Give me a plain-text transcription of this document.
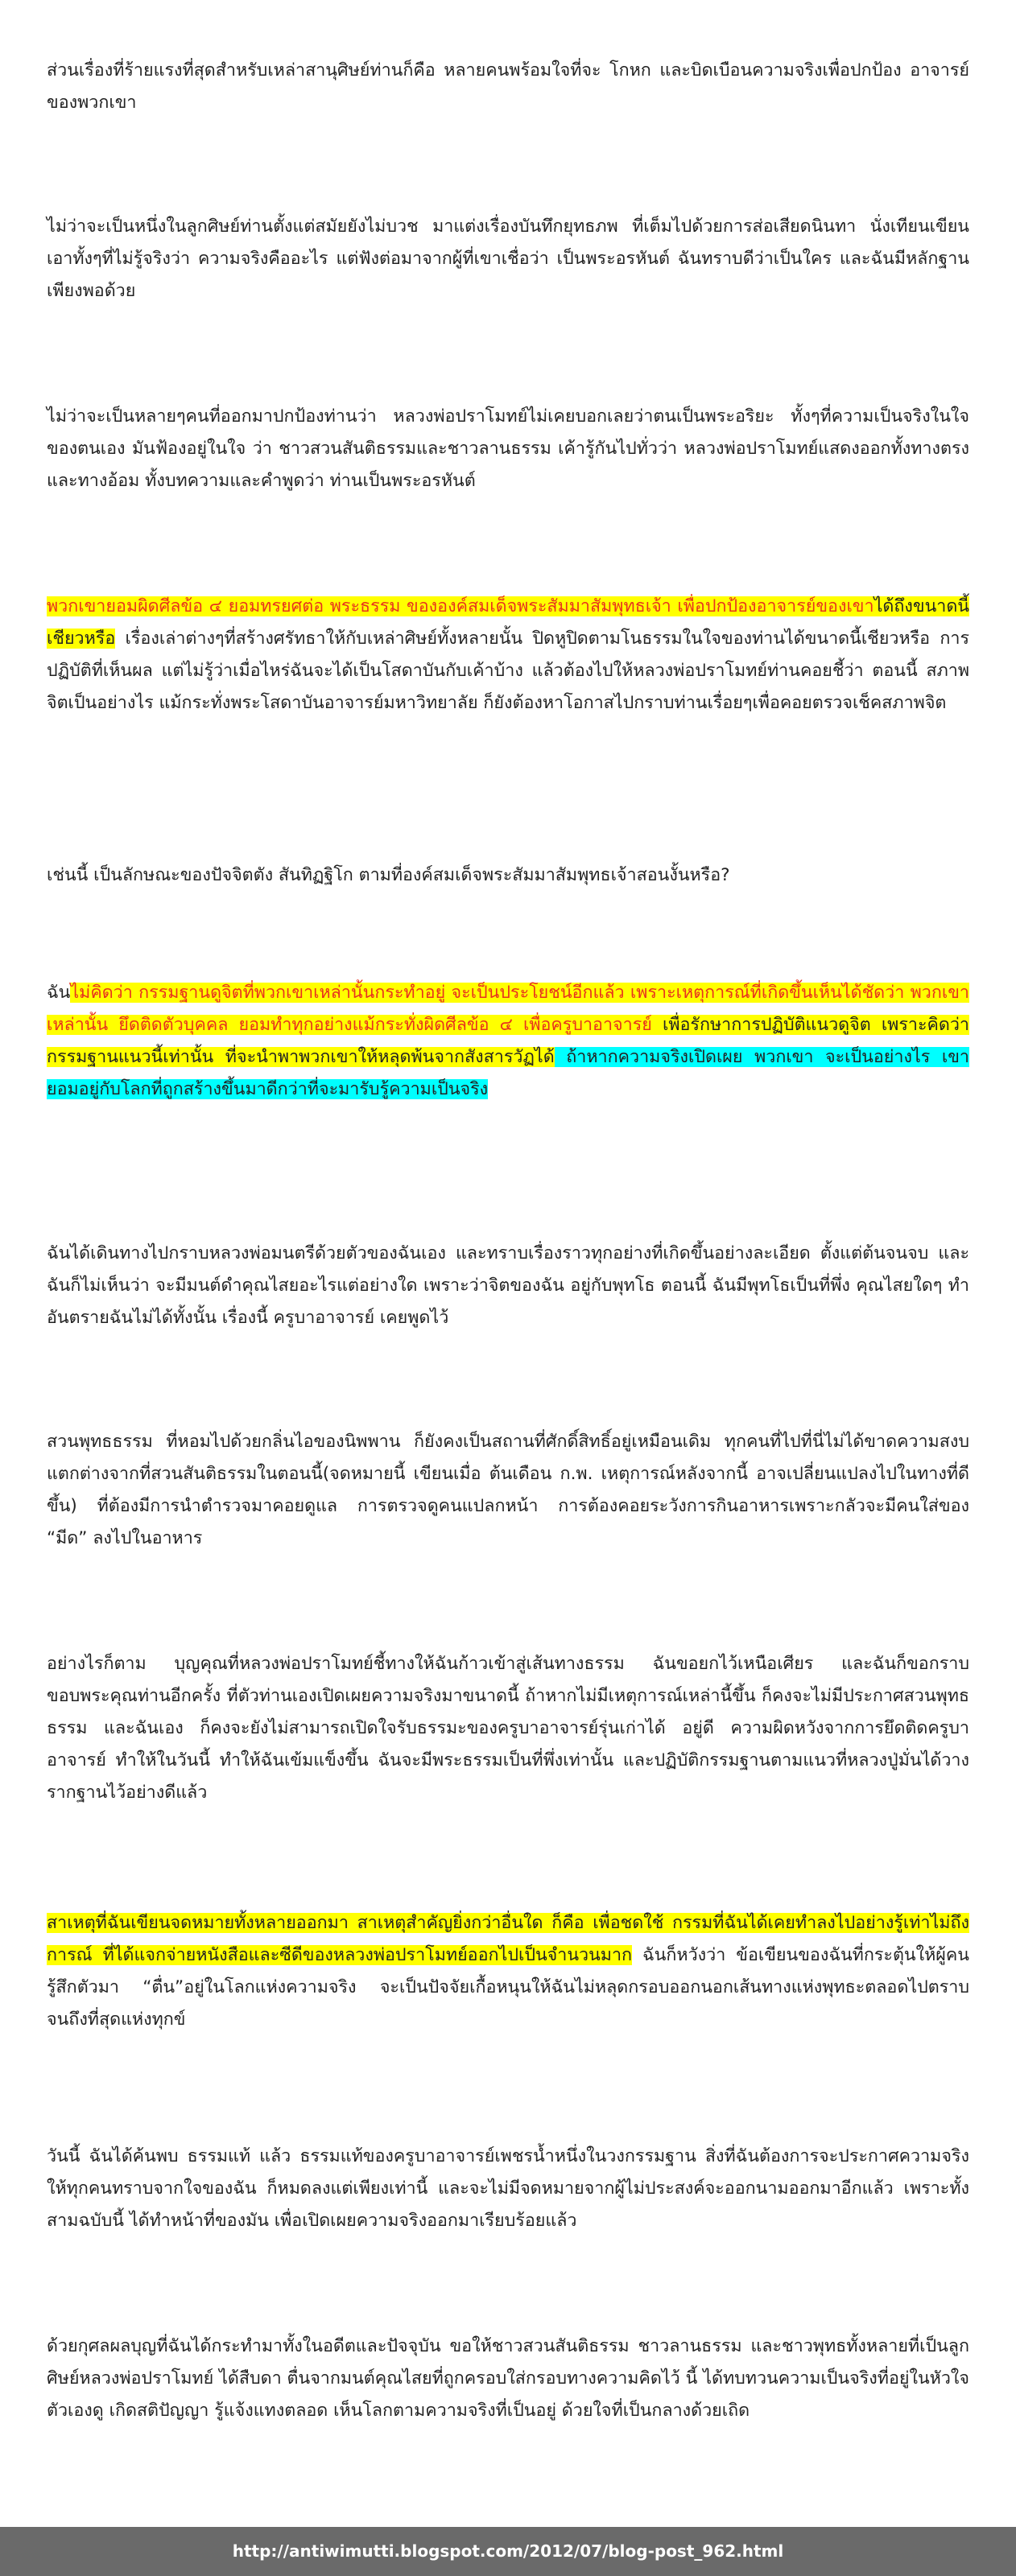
ส่วนเรื่องที่ร้ายแรงที่สุดสำหรับเหล่าสานุศิษย์ท่านก็คือ หลายคนพร้อมใจที่จะ โกหก และบิดเบือนความจริงเพื่อปกป้อง อาจารย์ของพวกเขา

ไม่ว่าจะเป็นหนึ่งในลูกศิษย์ท่านตั้งแต่สมัยยังไม่บวช มาแต่งเรื่องบันทึกยุทธภพ ที่เต็มไปด้วยการส่อเสียดนินทา นั่งเทียนเขียนเอาทั้งๆที่ไม่รู้จริงว่า ความจริงคืออะไร แต่ฟังต่อมาจากผู้ที่เขาเชื่อว่า เป็นพระอรหันต์ ฉันทราบดีว่าเป็นใคร และฉันมีหลักฐานเพียงพอด้วย

ไม่ว่าจะเป็นหลายๆคนที่ออกมาปกป้องท่านว่า หลวงพ่อปราโมทย์ไม่เคยบอกเลยว่าตนเป็นพระอริยะ ทั้งๆที่ความเป็นจริงในใจของตนเอง มันฟ้องอยู่ในใจ ว่า ชาวสวนสันติธรรมและชาวลานธรรม เค้ารู้กันไปทั่วว่า หลวงพ่อปราโมทย์แสดงออกทั้งทางตรงและทางอ้อม ทั้งบทความและคำพูดว่า ท่านเป็นพระอรหันต์

พวกเขายอมผิดศีลข้อ ๔ ยอมทรยศต่อ พระธรรม ขององค์สมเด็จพระสัมมาสัมพุทธเจ้า เพื่อปกป้องอาจารย์ของเขาได้ถึงขนาดนี้เชียวหรือ เรื่องเล่าต่างๆที่สร้างศรัทธาให้กับเหล่าศิษย์ทั้งหลายนั้น ปิดหูปิดตามโนธรรมในใจของท่านได้ขนาดนี้เชียวหรือ การปฏิบัติที่เห็นผล แต่ไม่รู้ว่าเมื่อไหร่ฉันจะได้เป็นโสดาบันกับเค้าบ้าง แล้วต้องไปให้หลวงพ่อปราโมทย์ท่านคอยชี้ว่า ตอนนี้ สภาพจิตเป็นอย่างไร แม้กระทั่งพระโสดาบันอาจารย์มหาวิทยาลัย ก็ยังต้องหาโอกาสไปกราบท่านเรื่อยๆเพื่อคอยตรวจเช็คสภาพจิต

เช่นนี้ เป็นลักษณะของปัจจิตตัง สันทิฏฐิโก ตามที่องค์สมเด็จพระสัมมาสัมพุทธเจ้าสอนงั้นหรือ?

ฉันไม่คิดว่า กรรมฐานดูจิตที่พวกเขาเหล่านั้นกระทำอยู่ จะเป็นประโยชน์อีกแล้ว เพราะเหตุการณ์ที่เกิดขึ้นเห็นได้ชัดว่า พวกเขาเหล่านั้น ยึดติดตัวบุคคล ยอมทำทุกอย่างแม้กระทั่งผิดศีลข้อ ๔ เพื่อครูบาอาจารย์ เพื่อรักษาการปฏิบัติแนวดูจิต เพราะคิดว่า กรรมฐานแนวนี้เท่านั้น ที่จะนำพาพวกเขาให้หลุดพ้นจากสังสารวัฏได้ ถ้าหากความจริงเปิดเผย พวกเขา จะเป็นอย่างไร เขายอมอยู่กับโลกที่ถูกสร้างขึ้นมาดีกว่าที่จะมารับรู้ความเป็นจริง

ฉันได้เดินทางไปกราบหลวงพ่อมนตรีด้วยตัวของฉันเอง และทราบเรื่องราวทุกอย่างที่เกิดขึ้นอย่างละเอียด ตั้งแต่ต้นจนจบ และฉันก็ไม่เห็นว่า จะมีมนต์ดำคุณไสยอะไรแต่อย่างใด เพราะว่าจิตของฉัน อยู่กับพุทโธ ตอนนี้ ฉันมีพุทโธเป็นที่พึ่ง คุณไสยใดๆ ทำอันตรายฉันไม่ได้ทั้งนั้น เรื่องนี้ ครูบาอาจารย์ เคยพูดไว้

สวนพุทธธรรม ที่หอมไปด้วยกลิ่นไอของนิพพาน ก็ยังคงเป็นสถานที่ศักดิ์สิทธิ์อยู่เหมือนเดิม ทุกคนที่ไปที่นี่ไม่ได้ขาดความสงบ แตกต่างจากที่สวนสันติธรรมในตอนนี้(จดหมายนี้ เขียนเมื่อ ต้นเดือน ก.พ. เหตุการณ์หลังจากนี้ อาจเปลี่ยนแปลงไปในทางที่ดีขึ้น) ที่ต้องมีการนำตำรวจมาคอยดูแล การตรวจดูคนแปลกหน้า การต้องคอยระวังการกินอาหารเพราะกลัวจะมีคนใส่ของ “มีด” ลงไปในอาหาร

อย่างไรก็ตาม บุญคุณที่หลวงพ่อปราโมทย์ชี้ทางให้ฉันก้าวเข้าสู่เส้นทางธรรม ฉันขอยกไว้เหนือเศียร และฉันก็ขอกราบขอบพระคุณท่านอีกครั้ง ที่ตัวท่านเองเปิดเผยความจริงมาขนาดนี้ ถ้าหากไม่มีเหตุการณ์เหล่านี้ขึ้น ก็คงจะไม่มีประกาศสวนพุทธธรรม และฉันเอง ก็คงจะยังไม่สามารถเปิดใจรับธรรมะของครูบาอาจารย์รุ่นเก่าได้ อยู่ดี ความผิดหวังจากการยึดติดครูบาอาจารย์ ทำให้ในวันนี้ ทำให้ฉันเข้มแข็งขึ้น ฉันจะมีพระธรรมเป็นที่พึ่งเท่านั้น และปฏิบัติกรรมฐานตามแนวที่หลวงปู่มั่นได้วางรากฐานไว้อย่างดีแล้ว

สาเหตุที่ฉันเขียนจดหมายทั้งหลายออกมา สาเหตุสำคัญยิ่งกว่าอื่นใด ก็คือ เพื่อชดใช้ กรรมที่ฉันได้เคยทำลงไปอย่างรู้เท่าไม่ถึงการณ์ ที่ได้แจกจ่ายหนังสือและซีดีของหลวงพ่อปราโมทย์ออกไปเป็นจำนวนมาก ฉันก็หวังว่า ข้อเขียนของฉันที่กระตุ้นให้ผู้คนรู้สึกตัวมา “ตื่น”อยู่ในโลกแห่งความจริง จะเป็นปัจจัยเกื้อหนุนให้ฉันไม่หลุดกรอบออกนอกเส้นทางแห่งพุทธะตลอดไปตราบจนถึงที่สุดแห่งทุกข์

วันนี้ ฉันได้ค้นพบ ธรรมแท้ แล้ว ธรรมแท้ของครูบาอาจารย์เพชรน้ำหนึ่งในวงกรรมฐาน สิ่งที่ฉันต้องการจะประกาศความจริงให้ทุกคนทราบจากใจของฉัน ก็หมดลงแต่เพียงเท่านี้ และจะไม่มีจดหมายจากผู้ไม่ประสงค์จะออกนามออกมาอีกแล้ว เพราะทั้งสามฉบับนี้ ได้ทำหน้าที่ของมัน เพื่อเปิดเผยความจริงออกมาเรียบร้อยแล้ว

ด้วยกุศลผลบุญที่ฉันได้กระทำมาทั้งในอดีตและปัจจุบัน ขอให้ชาวสวนสันติธรรม ชาวลานธรรม และชาวพุทธทั้งหลายที่เป็นลูกศิษย์หลวงพ่อปราโมทย์ ได้สืบดา ตื่นจากมนต์คุณไสยที่ถูกครอบใส่กรอบทางความคิดไว้ นี้ ได้ทบทวนความเป็นจริงที่อยู่ในหัวใจตัวเองดู เกิดสติปัญญา รู้แจ้งแทงตลอด เห็นโลกตามความจริงที่เป็นอยู่ ด้วยใจที่เป็นกลางด้วยเถิด

http://antiwimutti.blogspot.com/2012/07/blog-post_962.html
